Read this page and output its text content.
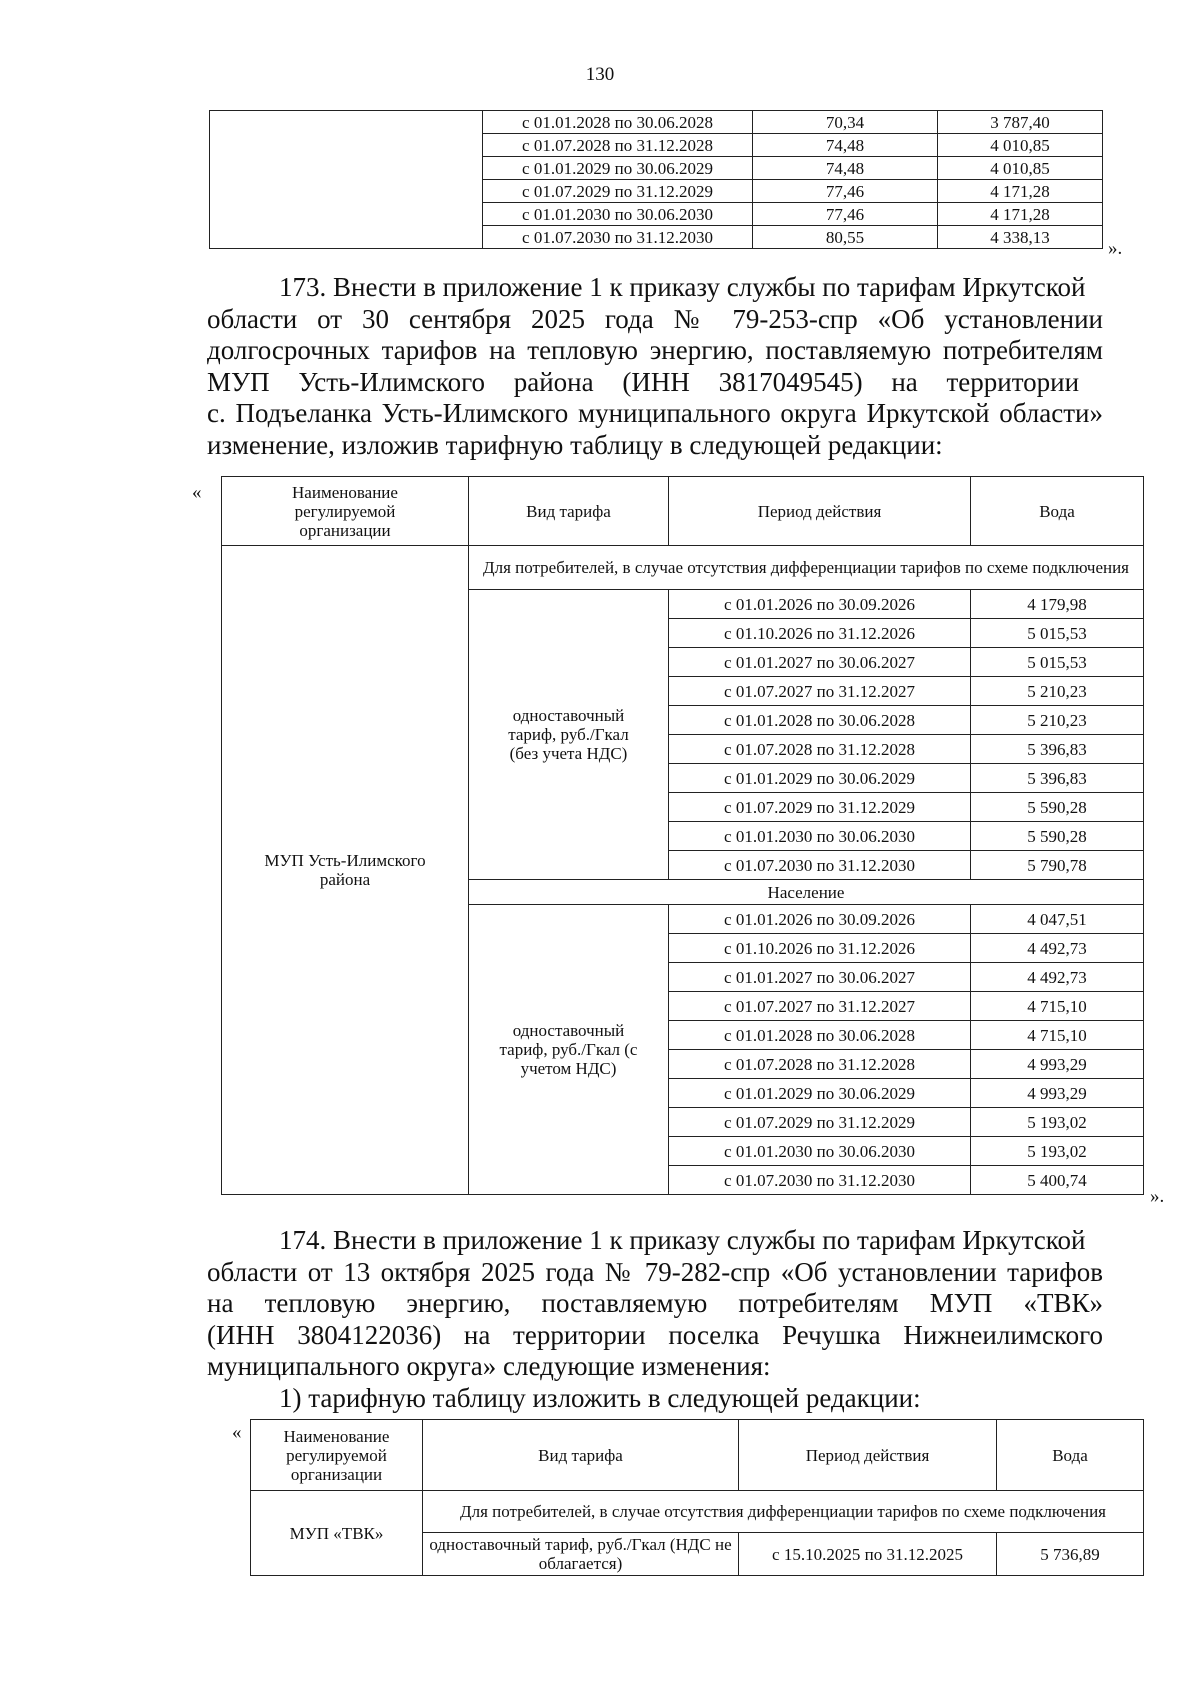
130
	с 01.01.2028 по 30.06.2028	70,34	3 787,40
	с 01.07.2028 по 31.12.2028	74,48	4 010,85
	с 01.01.2029 по 30.06.2029	74,48	4 010,85
	с 01.07.2029 по 31.12.2029	77,46	4 171,28
	с 01.01.2030 по 30.06.2030	77,46	4 171,28
	с 01.07.2030 по 31.12.2030	80,55	4 338,13
».
173. Внести в приложение 1 к приказу службы по тарифам Иркутской
области от 30 сентября 2025 года № 79-253-спр «Об установлении
долгосрочных тарифов на тепловую энергию, поставляемую потребителям
МУП Усть-Илимского района (ИНН 3817049545) на территории
с. Подъеланка Усть-Илимского муниципального округа Иркутской области»
изменение, изложив тарифную таблицу в следующей редакции:
«	Наименование регулируемой организации	Вид тарифа	Период действия	Вода
МУП Усть-Илимского района	Для потребителей, в случае отсутствия дифференциации тарифов по схеме подключения		
	одноставочный тариф, руб./Гкал (без учета НДС)	с 01.01.2026 по 30.09.2026	4 179,98
		с 01.10.2026 по 31.12.2026	5 015,53
		с 01.01.2027 по 30.06.2027	5 015,53
		с 01.07.2027 по 31.12.2027	5 210,23
		с 01.01.2028 по 30.06.2028	5 210,23
		с 01.07.2028 по 31.12.2028	5 396,83
		с 01.01.2029 по 30.06.2029	5 396,83
		с 01.07.2029 по 31.12.2029	5 590,28
		с 01.01.2030 по 30.06.2030	5 590,28
		с 01.07.2030 по 31.12.2030	5 790,78
	Население		
	одноставочный тариф, руб./Гкал (с учетом НДС)	с 01.01.2026 по 30.09.2026	4 047,51
		с 01.10.2026 по 31.12.2026	4 492,73
		с 01.01.2027 по 30.06.2027	4 492,73
		с 01.07.2027 по 31.12.2027	4 715,10
		с 01.01.2028 по 30.06.2028	4 715,10
		с 01.07.2028 по 31.12.2028	4 993,29
		с 01.01.2029 по 30.06.2029	4 993,29
		с 01.07.2029 по 31.12.2029	5 193,02
		с 01.01.2030 по 30.06.2030	5 193,02
		с 01.07.2030 по 31.12.2030	5 400,74
».
174. Внести в приложение 1 к приказу службы по тарифам Иркутской
области от 13 октября 2025 года № 79-282-спр «Об установлении тарифов
на тепловую энергию, поставляемую потребителям МУП «ТВК»
(ИНН 3804122036) на территории поселка Речушка Нижнеилимского
муниципального округа» следующие изменения:
1) тарифную таблицу изложить в следующей редакции:
« Наименование регулируемой организации	Вид тарифа	Период действия	Вода
МУП «ТВК»	Для потребителей, в случае отсутствия дифференциации тарифов по схеме подключения		
	одноставочный тариф, руб./Гкал (НДС не облагается)	с 15.10.2025 по 31.12.2025	5 736,89
